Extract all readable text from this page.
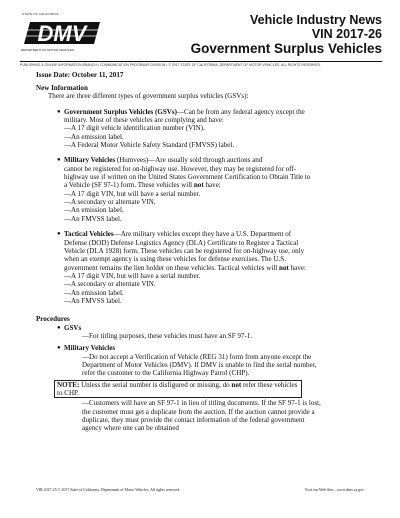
STATE OF CALIFORNIA
DMV
DEPARTMENT OF MOTOR VEHICLES
Vehicle Industry News
VIN 2017-26
Government Surplus Vehicles
PUBLISHING & ONLINE INFORMATION BRANCH • COMMUNICATION PROGRAMS DIVISION • © 2017 STATE OF CALIFORNIA, DEPARTMENT OF MOTOR VEHICLES. ALL RIGHTS RESERVED.
Issue Date: October 11, 2017
New Information
There are three different types of government surplus vehicles (GSVs):
● Government Surplus Vehicles (GSVs)—Can be from any federal agency except the
military. Most of these vehicles are complying and have:
—A 17 digit vehicle identification number (VIN).
—An emission label.
—A Federal Motor Vehicle Safety Standard (FMVSS) label.
● Military Vehicles (Humvees)—Are usually sold through auctions and
cannot be registered for on-highway use. However, they may be registered for off-
highway use if written on the United States Government Certification to Obtain Title to
a Vehicle (SF 97-1) form. These vehicles will not have:
—A 17 digit VIN, but will have a serial number.
—A secondary or alternate VIN.
—An emission label.
—An FMVSS label.
● Tactical Vehicles—Are military vehicles except they have a U.S. Department of
Defense (DOD) Defense Logistics Agency (DLA) Certificate to Register a Tactical
Vehicle (DLA 1928) form. These vehicles can be registered for on-highway use, only
when an exempt agency is using these vehicles for defense exercises. The U.S.
government remains the lien holder on these vehicles. Tactical vehicles will not have:
—A 17 digit VIN, but will have a serial number.
—A secondary or alternate VIN.
—An emission label.
—An FMVSS label.
Procedures
● GSVs
—For titling purposes, these vehicles must have an SF 97-1.
● Military Vehicles
—Do not accept a Verification of Vehicle (REG 31) form from anyone except the
Department of Motor Vehicles (DMV). If DMV is unable to find the serial number,
refer the customer to the California Highway Patrol (CHP).
NOTE: Unless the serial number is disfigured or missing, do not refer these vehicles
to CHP.
—Customers will have an SF 97-1 in lieu of titling documents. If the SF 97-1 is lost,
the customer must get a duplicate from the auction. If the auction cannot provide a
duplicate, they must provide the contact information of the federal government
agency where one can be obtained
VIR 2017-25 © 2017 State of California, Department of Motor Vehicles. All rights reserved.	Visit our Web Site—www.dmv.ca.gov
